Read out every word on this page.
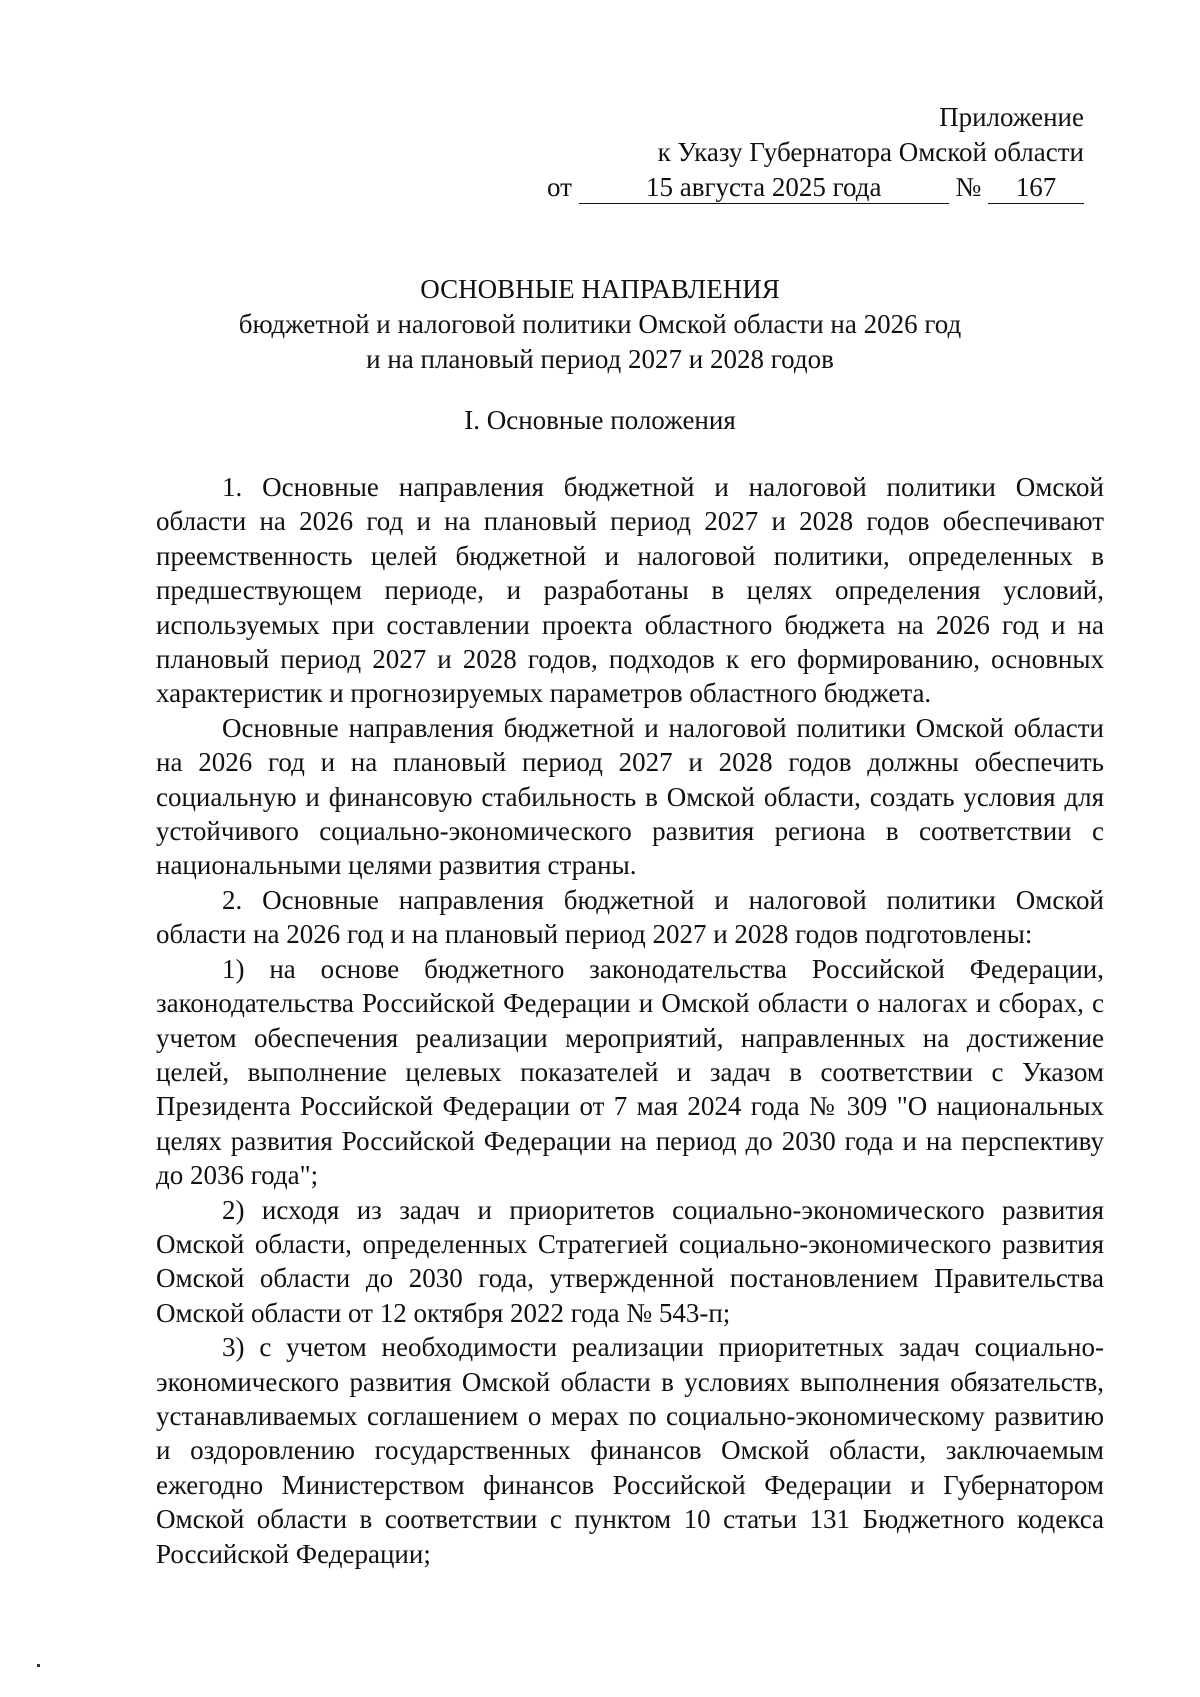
Приложение
к Указу Губернатора Омской области
от	15 августа 2025 года	№ 167
ОСНОВНЫЕ НАПРАВЛЕНИЯ
бюджетной и налоговой политики Омской области на 2026 год
и на плановый период 2027 и 2028 годов
I. Основные положения

1. Основные направления бюджетной и налоговой политики Омской области на 2026 год и на плановый период 2027 и 2028 годов обеспечивают преемственность целей бюджетной и налоговой политики, определенных в предшествующем периоде, и разработаны в целях определения условий, используемых при составлении проекта областного бюджета на 2026 год и на плановый период 2027 и 2028 годов, подходов к его формированию, основных характеристик и прогнозируемых параметров областного бюджета.

Основные направления бюджетной и налоговой политики Омской области на 2026 год и на плановый период 2027 и 2028 годов должны обеспечить социальную и финансовую стабильность в Омской области, создать условия для устойчивого социально-экономического развития региона в соответствии с национальными целями развития страны.

2. Основные направления бюджетной и налоговой политики Омской области на 2026 год и на плановый период 2027 и 2028 годов подготовлены:

1) на основе бюджетного законодательства Российской Федерации, законодательства Российской Федерации и Омской области о налогах и сборах, с учетом обеспечения реализации мероприятий, направленных на достижение целей, выполнение целевых показателей и задач в соответствии с Указом Президента Российской Федерации от 7 мая 2024 года № 309 "О национальных целях развития Российской Федерации на период до 2030 года и на перспективу до 2036 года";

2) исходя из задач и приоритетов социально-экономического развития Омской области, определенных Стратегией социально-экономического развития Омской области до 2030 года, утвержденной постановлением Правительства Омской области от 12 октября 2022 года № 543-п;

3) с учетом необходимости реализации приоритетных задач социально-экономического развития Омской области в условиях выполнения обязательств, устанавливаемых соглашением о мерах по социально-экономическому развитию и оздоровлению государственных финансов Омской области, заключаемым ежегодно Министерством финансов Российской Федерации и Губернатором Омской области в соответствии с пунктом 10 статьи 131 Бюджетного кодекса Российской Федерации;
